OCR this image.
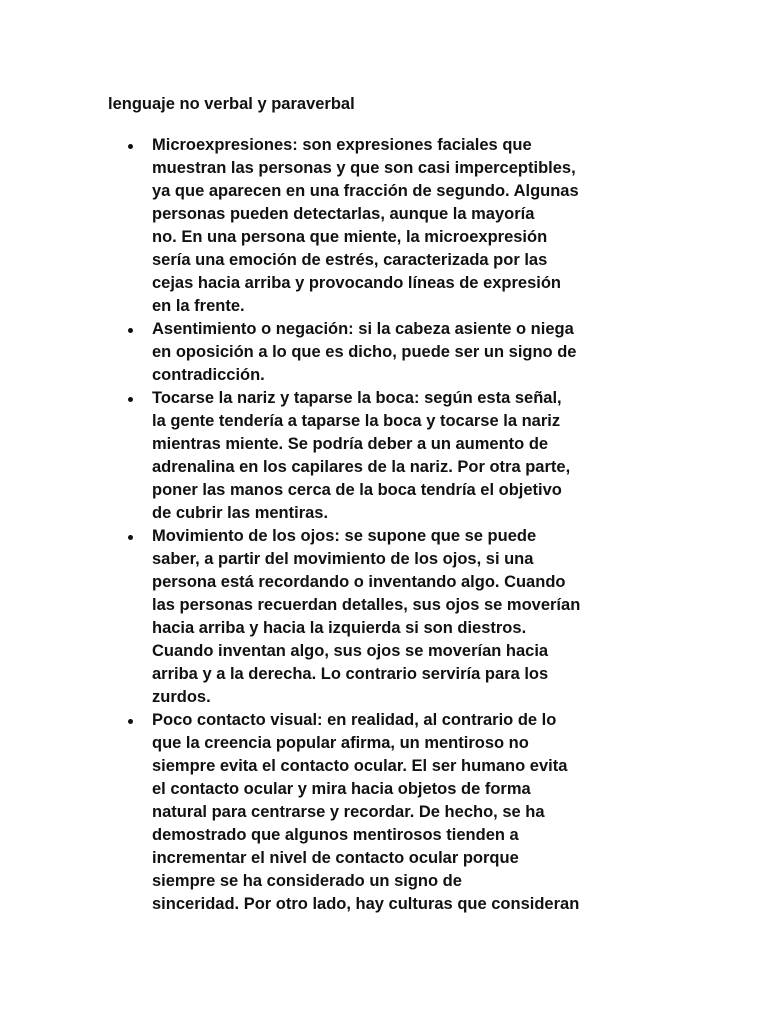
lenguaje no verbal y paraverbal
Microexpresiones: son expresiones faciales que
muestran las personas y que son casi imperceptibles,
ya que aparecen en una fracción de segundo. Algunas
personas pueden detectarlas, aunque la mayoría
no. En una persona que miente, la microexpresión
sería una emoción de estrés, caracterizada por las
cejas hacia arriba y provocando líneas de expresión
en la frente.
Asentimiento o negación: si la cabeza asiente o niega
en oposición a lo que es dicho, puede ser un signo de
contradicción.
Tocarse la nariz y taparse la boca: según esta señal,
la gente tendería a taparse la boca y tocarse la nariz
mientras miente. Se podría deber a un aumento de
adrenalina en los capilares de la nariz. Por otra parte,
poner las manos cerca de la boca tendría el objetivo
de cubrir las mentiras.
Movimiento de los ojos: se supone que se puede
saber, a partir del movimiento de los ojos, si una
persona está recordando o inventando algo. Cuando
las personas recuerdan detalles, sus ojos se moverían
hacia arriba y hacia la izquierda si son diestros.
Cuando inventan algo, sus ojos se moverían hacia
arriba y a la derecha. Lo contrario serviría para los
zurdos.
Poco contacto visual: en realidad, al contrario de lo
que la creencia popular afirma, un mentiroso no
siempre evita el contacto ocular. El ser humano evita
el contacto ocular y mira hacia objetos de forma
natural para centrarse y recordar. De hecho, se ha
demostrado que algunos mentirosos tienden a
incrementar el nivel de contacto ocular porque
siempre se ha considerado un signo de
sinceridad. Por otro lado, hay culturas que consideran
